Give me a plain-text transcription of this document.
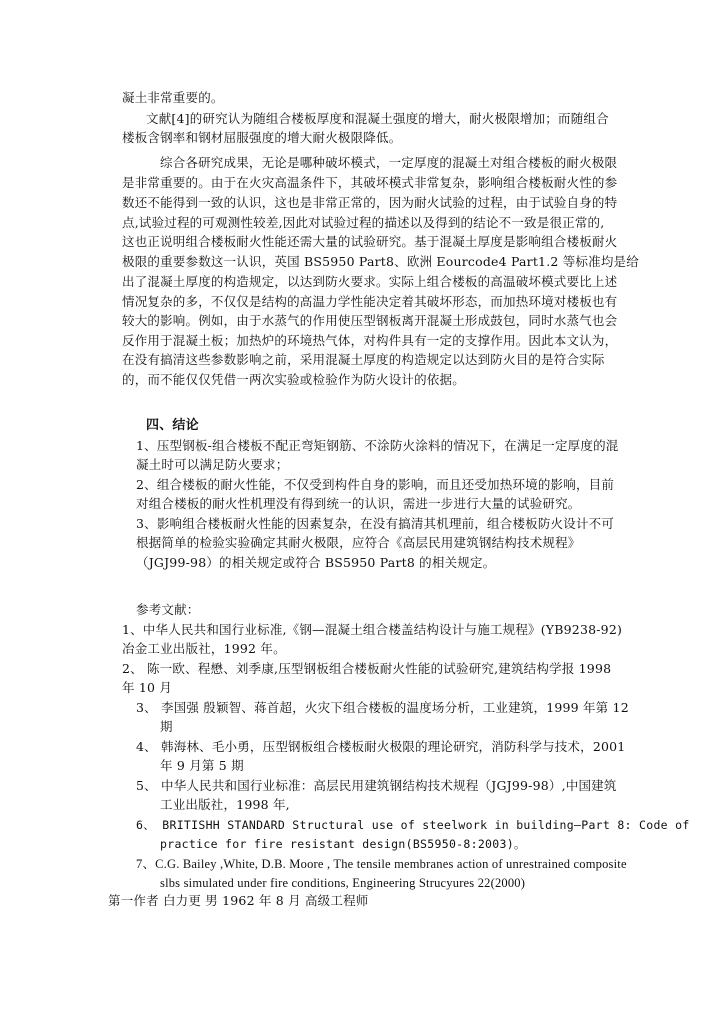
凝土非常重要的。
文献[4]的研究认为随组合楼板厚度和混凝土强度的增大，耐火极限增加；而随组合
楼板含钢率和钢材屈服强度的增大耐火极限降低。
综合各研究成果，无论是哪种破坏模式，一定厚度的混凝土对组合楼板的耐火极限
是非常重要的。由于在火灾高温条件下，其破坏模式非常复杂，影响组合楼板耐火性的参
数还不能得到一致的认识，这也是非常正常的，因为耐火试验的过程，由于试验自身的特
点,试验过程的可观测性较差,因此对试验过程的描述以及得到的结论不一致是很正常的,
这也正说明组合楼板耐火性能还需大量的试验研究。基于混凝土厚度是影响组合楼板耐火
极限的重要参数这一认识，英国 BS5950 Part8、欧洲 Eourcode4 Part1.2 等标准均是给
出了混凝土厚度的构造规定，以达到防火要求。实际上组合楼板的高温破坏模式要比上述
情况复杂的多，不仅仅是结构的高温力学性能决定着其破坏形态，而加热环境对楼板也有
较大的影响。例如，由于水蒸气的作用使压型钢板离开混凝土形成鼓包，同时水蒸气也会
反作用于混凝土板；加热炉的环境热气体，对构件具有一定的支撑作用。因此本文认为，
在没有搞清这些参数影响之前，采用混凝土厚度的构造规定以达到防火目的是符合实际
的，而不能仅仅凭借一两次实验或检验作为防火设计的依据。
四、结论
1、压型钢板-组合楼板不配正弯矩钢筋、不涂防火涂料的情况下，在满足一定厚度的混
凝土时可以满足防火要求；
2、组合楼板的耐火性能，不仅受到构件自身的影响，而且还受加热环境的影响，目前
对组合楼板的耐火性机理没有得到统一的认识，需进一步进行大量的试验研究。
3、影响组合楼板耐火性能的因素复杂，在没有搞清其机理前，组合楼板防火设计不可
根据简单的检验实验确定其耐火极限，应符合《高层民用建筑钢结构技术规程》
（JGJ99-98）的相关规定或符合 BS5950 Part8 的相关规定。
参考文献：
1、中华人民共和国行业标准,《钢—混凝土组合楼盖结构设计与施工规程》(YB9238-92)
冶金工业出版社，1992 年。
2、 陈一欧、程懋、刘季康,压型钢板组合楼板耐火性能的试验研究,建筑结构学报 1998
年 10 月
3、 李国强 殷颖智、蒋首超，火灾下组合楼板的温度场分析，工业建筑，1999 年第 12
期
4、 韩海林、毛小勇，压型钢板组合楼板耐火极限的理论研究，消防科学与技术，2001
年 9 月第 5 期
5、 中华人民共和国行业标准：高层民用建筑钢结构技术规程（JGJ99-98）,中国建筑
工业出版社，1998 年,
6、 BRITISHH STANDARD Structural use of steelwork in building—Part 8: Code of
practice for fire resistant design(BS5950-8:2003)。
7、C.G. Bailey ,White, D.B. Moore , The tensile membranes action of unrestrained composite
slbs simulated under fire conditions, Engineering Strucyures 22(2000)
第一作者 白力更 男 1962 年 8 月 高级工程师
